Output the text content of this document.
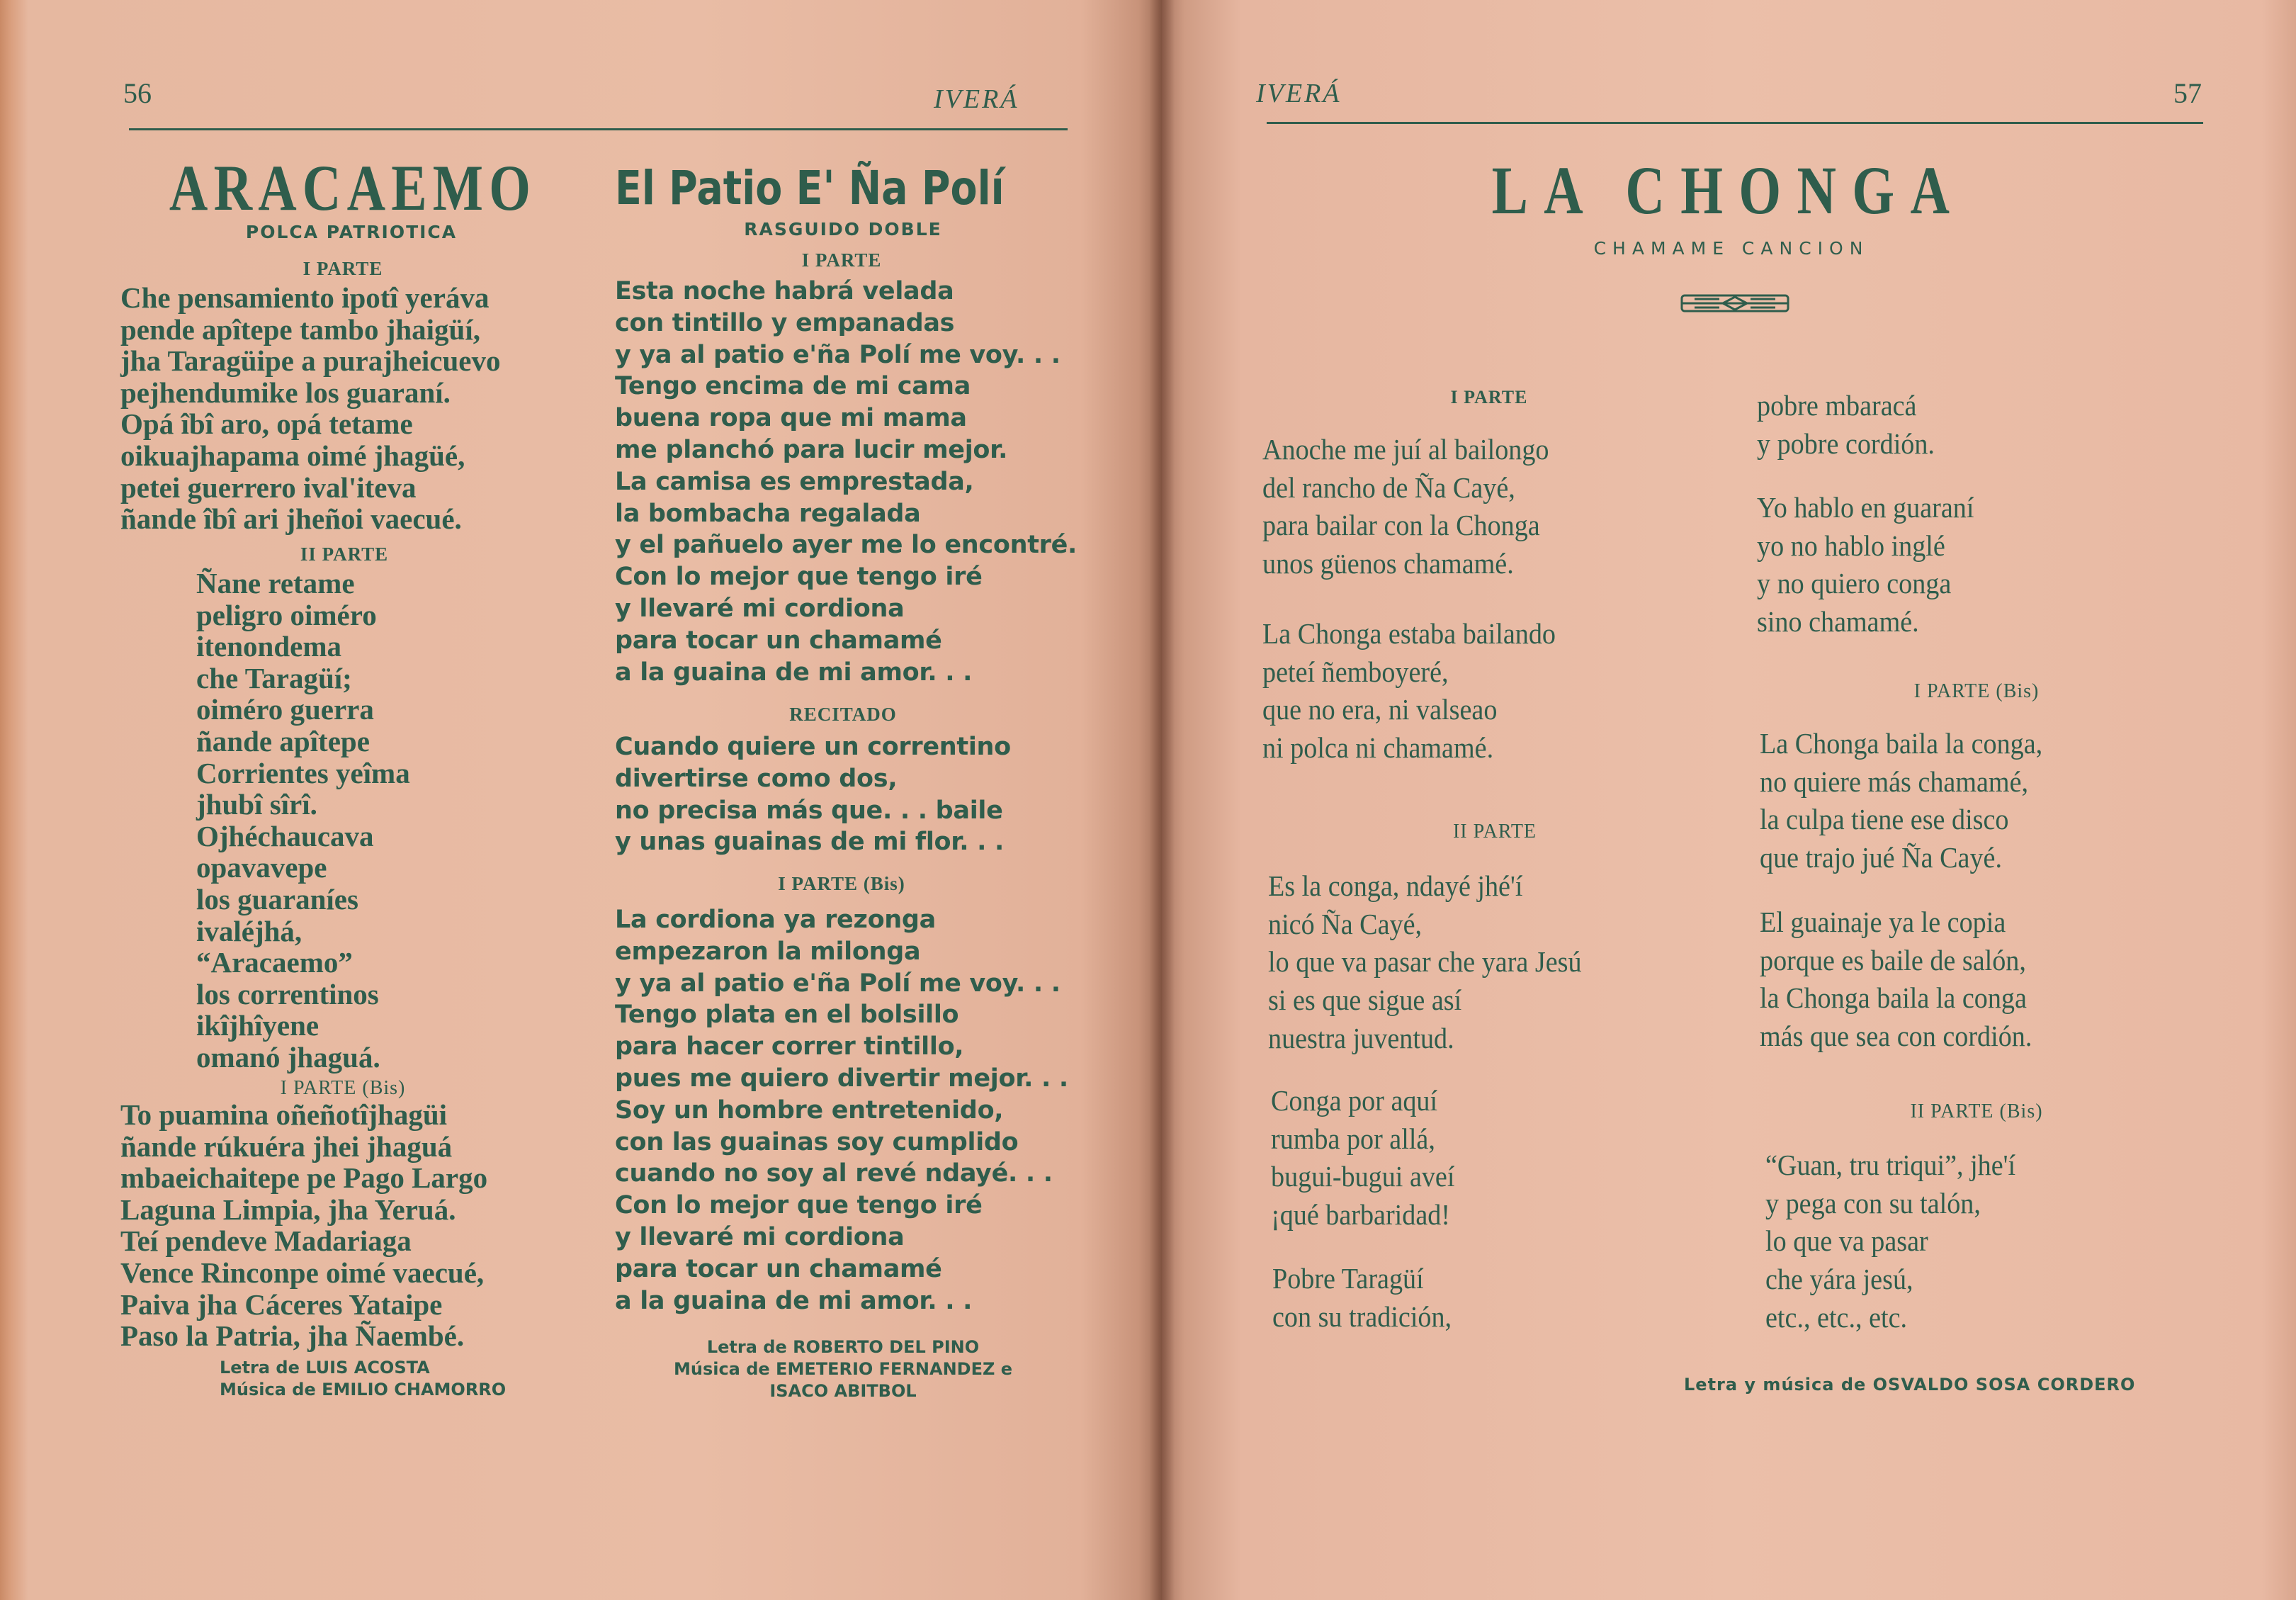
56	IVERÁ
ARACAEMO
POLCA PATRIOTICA
I PARTE
Che pensamiento ipotî yeráva
pende apîtepe tambo jhaigüí,
jha Taragüipe a purajheicuevo
pejhendumike los guaraní.
Opá îbî aro, opá tetame
oikuajhapama oimé jhagüé,
petei guerrero ival'iteva
ñande îbî ari jheñoi vaecué.
II PARTE
Ñane retame
peligro oiméro
itenondema
che Taragüí;
oiméro guerra
ñande apîtepe
Corrientes yeîma
jhubî sîrî.
Ojhéchaucava
opavavepe
los guaraníes
ivaléjhá,
“Aracaemo”
los correntinos
ikîjhîyene
omanó jhaguá.
I PARTE (Bis)
To puamina oñeñotîjhagüi
ñande rúkuéra jhei jhaguá
mbaeichaitepe pe Pago Largo
Laguna Limpia, jha Yeruá.
Teí pendeve Madariaga
Vence Rinconpe oimé vaecué,
Paiva jha Cáceres Yataipe
Paso la Patria, jha Ñaembé.
Letra de LUIS ACOSTA
Música de EMILIO CHAMORRO
El Patio E' Ña Polí
RASGUIDO DOBLE
I PARTE
Esta noche habrá velada
con tintillo y empanadas
y ya al patio e'ña Polí me voy. . .
Tengo encima de mi cama
buena ropa que mi mama
me planchó para lucir mejor.
La camisa es emprestada,
la bombacha regalada
y el pañuelo ayer me lo encontré.
Con lo mejor que tengo iré
y llevaré mi cordiona
para tocar un chamamé
a la guaina de mi amor. . .
RECITADO
Cuando quiere un correntino
divertirse como dos,
no precisa más que. . . baile
y unas guainas de mi flor. . .
I PARTE (Bis)
La cordiona ya rezonga
empezaron la milonga
y ya al patio e'ña Polí me voy. . .
Tengo plata en el bolsillo
para hacer correr tintillo,
pues me quiero divertir mejor. . .
Soy un hombre entretenido,
con las guainas soy cumplido
cuando no soy al revé ndayé. . .
Con lo mejor que tengo iré
y llevaré mi cordiona
para tocar un chamamé
a la guaina de mi amor. . .
Letra de ROBERTO DEL PINO
Música de EMETERIO FERNANDEZ e
ISACO ABITBOL
IVERÁ	57
LA CHONGA
CHAMAME CANCION
I PARTE
Anoche me juí al bailongo
del rancho de Ña Cayé,
para bailar con la Chonga
unos güenos chamamé.
La Chonga estaba bailando
peteí ñemboyeré,
que no era, ni valseao
ni polca ni chamamé.
II PARTE
Es la conga, ndayé jhé'í
nicó Ña Cayé,
lo que va pasar che yara Jesú
si es que sigue así
nuestra juventud.
Conga por aquí
rumba por allá,
bugui-bugui aveí
¡qué barbaridad!
Pobre Taragüí
con su tradición,
pobre mbaracá
y pobre cordión.
Yo hablo en guaraní
yo no hablo inglé
y no quiero conga
sino chamamé.
I PARTE (Bis)
La Chonga baila la conga,
no quiere más chamamé,
la culpa tiene ese disco
que trajo jué Ña Cayé.
El guainaje ya le copia
porque es baile de salón,
la Chonga baila la conga
más que sea con cordión.
II PARTE (Bis)
“Guan, tru triqui”, jhe'í
y pega con su talón,
lo que va pasar
che yára jesú,
etc., etc., etc.
Letra y música de OSVALDO SOSA CORDERO
